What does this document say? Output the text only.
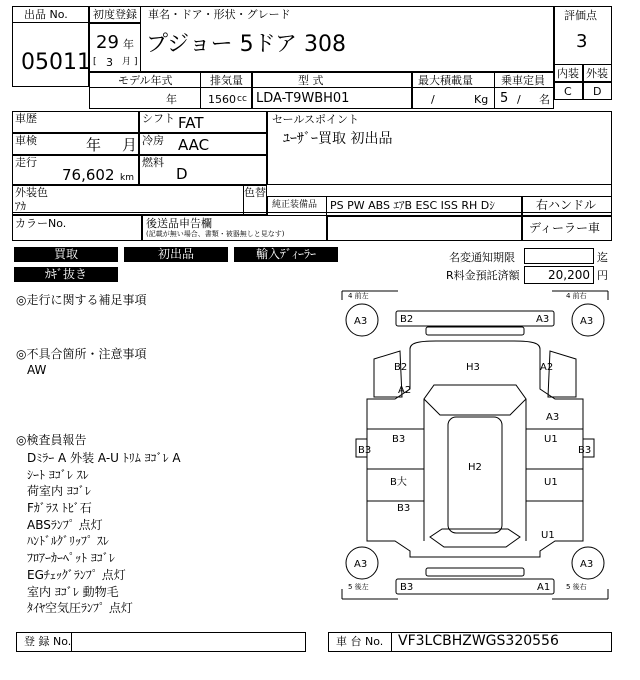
出品 No.
05011
初度登録 車名・ドア・形状・グレード
29 年
[ 3 月 ]
プジョー 5ドア 308
評価点
3
内装 外装
C D
モデル年式	排気量	型 式	最大積載量	乗車定員
年	1560 cc LDA-T9WBH01	/	Kg 5 / 名
車歴
車検	年 月
走行
76,602 km
シフト FAT
冷房 AAC
燃料
D
セールスポイント
ﾕｰｻﾞｰ買取 初出品
外装色
ｱｶ
色替
純正装備品 PS PW ABS ｴｱB ESC ISS RH Dｼ	右ハンドル
カラーNo.	後送品申告欄
(記載が無い場合、書類・被器無しと見なす)	ディーラー車
買取	初出品	輸入ﾃﾞｨｰﾗｰ
ｶｷﾞ抜き
名変通知期限	迄
R料金預託済額 20,200 円
◎走行に関する補足事項
◎不具合箇所・注意事項
AW
◎検査員報告
Dﾐﾗｰ A 外装 A-U ﾄﾘﾑ ﾖｺﾞﾚ A
ｼｰﾄ ﾖｺﾞﾚ ｽﾚ
荷室内 ﾖｺﾞﾚ
Fｶﾞﾗｽ ﾄﾋﾞ石
ABSﾗﾝﾌﾟ 点灯
ﾊﾝﾄﾞﾙｸﾞﾘｯﾌﾟ ｽﾚ
ﾌﾛｱｰｶｰﾍﾟｯﾄ ﾖｺﾞﾚ
EGﾁｪｯｸﾞﾗﾝﾌﾟ 点灯
室内 ﾖｺﾞﾚ 動物毛
ﾀｲﾔ空気圧ﾗﾝﾌﾟ 点灯
4 前左	4 前右
5 後左	5 後右
A3	B2	A3	A3
B2	H3	A2
A2
A3
B3	U1
B3	B3
H2
B大	U1
B3
U1
A3
B3	A1
A3
登 録 No.	車 台 No. VF3LCBHZWGS320556
